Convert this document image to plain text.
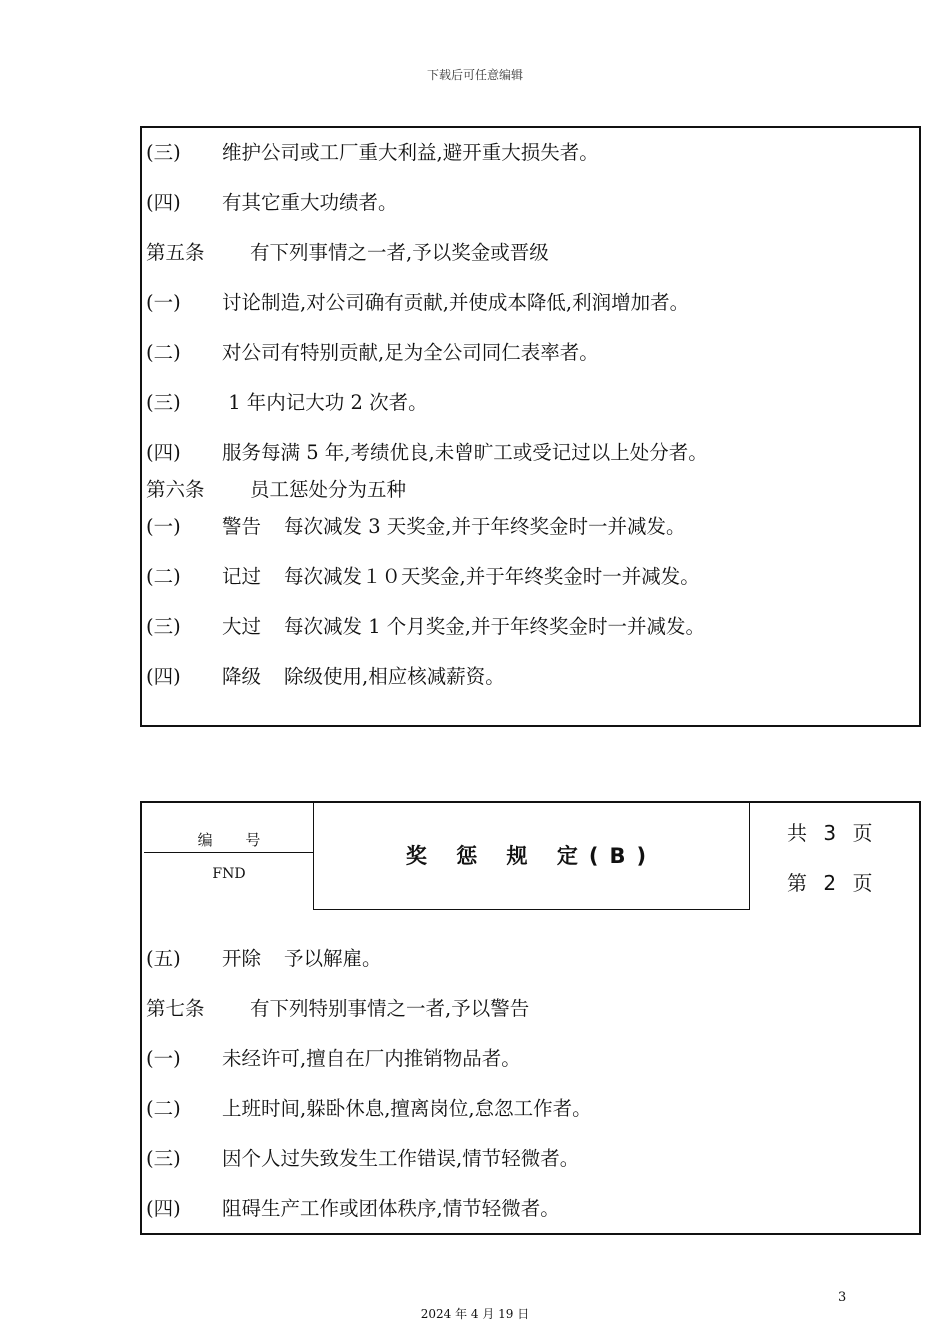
下载后可任意编辑
(三) 维护公司或工厂重大利益,避开重大损失者。
(四) 有其它重大功绩者。
第五条 有下列事情之一者,予以奖金或晋级
(一) 讨论制造,对公司确有贡献,并使成本降低,利润增加者。
(二) 对公司有特别贡献,足为全公司同仁表率者。
(三) 1 年内记大功 2 次者。
(四) 服务每满 5 年,考绩优良,未曾旷工或受记过以上处分者。
第六条 员工惩处分为五种
(一) 警告 每次减发 3 天奖金,并于年终奖金时一并减发。
(二) 记过 每次减发１０天奖金,并于年终奖金时一并减发。
(三) 大过 每次减发 1 个月奖金,并于年终奖金时一并减发。
(四) 降级 除级使用,相应核减薪资。
编 号
FND
奖 惩 规 定(B)
共 3 页
第 2 页
(五) 开除 予以解雇。
第七条 有下列特别事情之一者,予以警告
(一) 未经许可,擅自在厂内推销物品者。
(二) 上班时间,躲卧休息,擅离岗位,怠忽工作者。
(三) 因个人过失致发生工作错误,情节轻微者。
(四) 阻碍生产工作或团体秩序,情节轻微者。
3
2024 年 4 月 19 日
